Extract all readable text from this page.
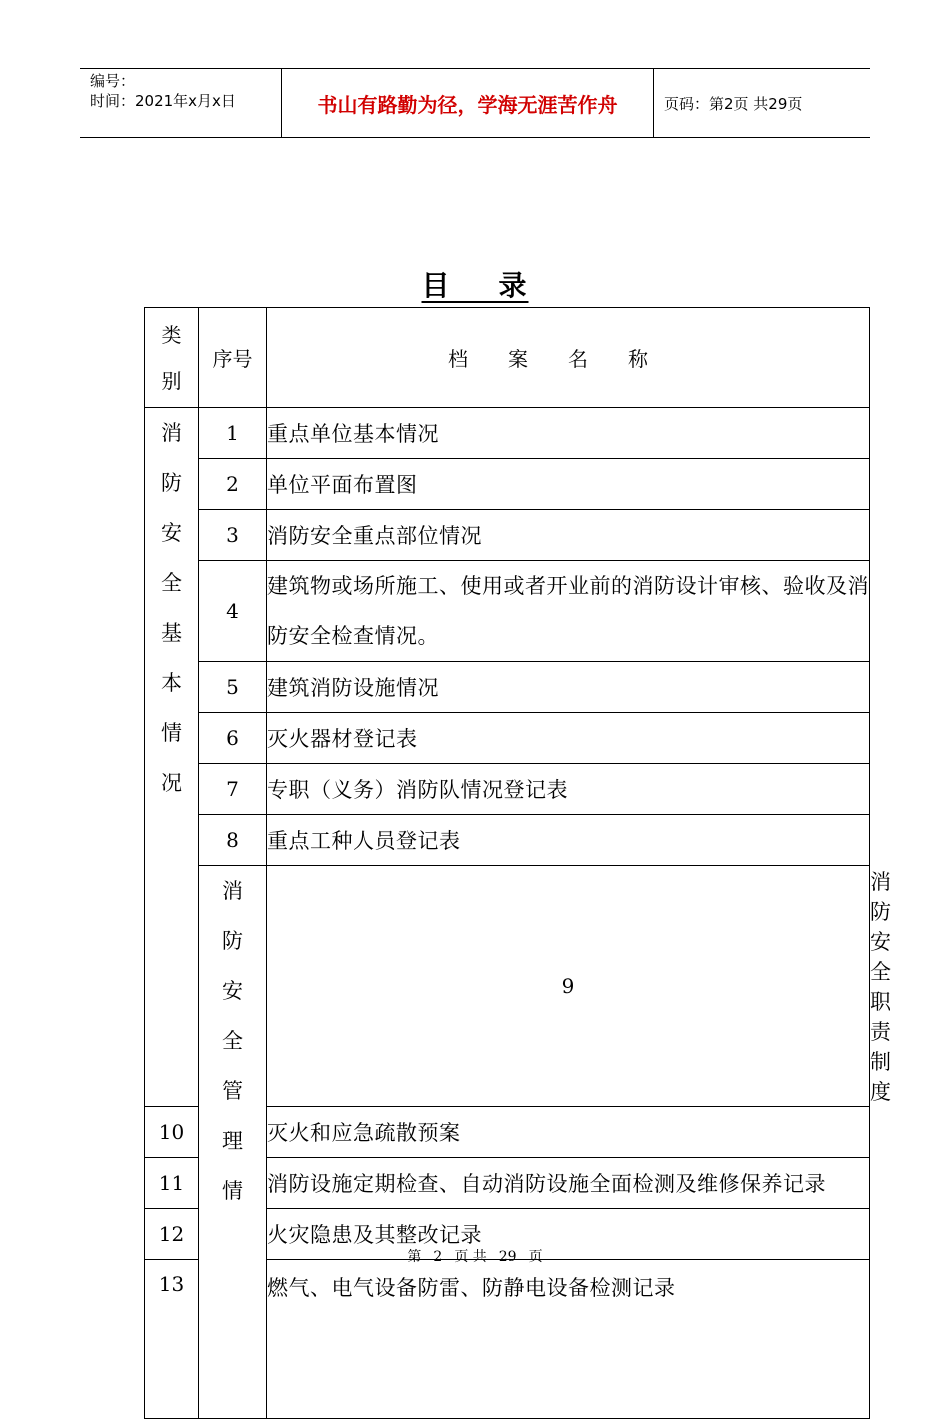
编号：
时间：2021年x月x日	书山有路勤为径，学海无涯苦作舟	页码：第2页 共29页
目    录
类别	序号	档案名称	

消防安全基本情况	1	重点单位基本情况	
	2	单位平面布置图	
	3	消防安全重点部位情况	
	4	建筑物或场所施工、使用或者开业前的消防设计审核、验收及消防安全检查情况。	
	5	建筑消防设施情况	
	6	灭火器材登记表	
	7	专职（义务）消防队情况登记表	
	8	重点工种人员登记表	

	消防安全管理情	9	消防安全职责制度
10		灭火和应急疏散预案	
11		消防设施定期检查、自动消防设施全面检测及维修保养记录	
12		火灾隐患及其整改记录	
13		燃气、电气设备防雷、防静电设备检测记录	
第 2 页 共 29 页
